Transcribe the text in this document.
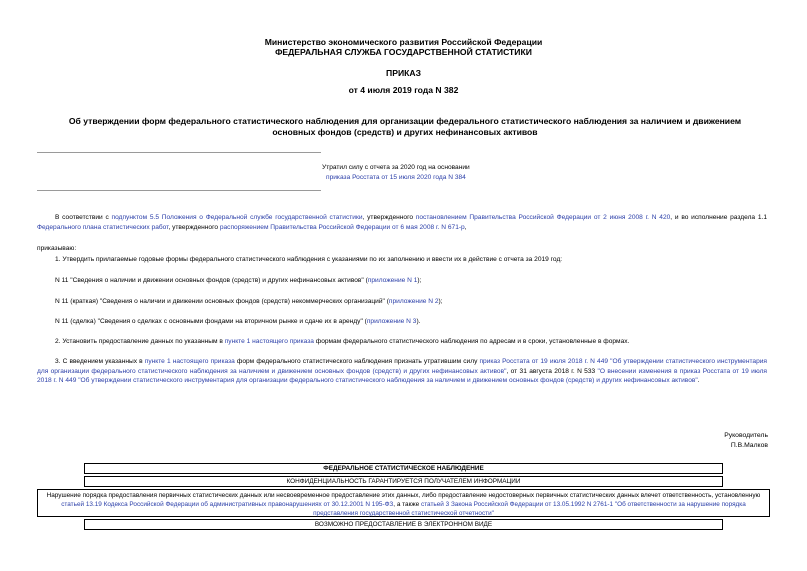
Министерство экономического развития Российской Федерации
ФЕДЕРАЛЬНАЯ СЛУЖБА ГОСУДАРСТВЕННОЙ СТАТИСТИКИ
ПРИКАЗ
от 4 июля 2019 года N 382
Об утверждении форм федерального статистического наблюдения для организации федерального статистического наблюдения за наличием и движением основных фондов (средств) и других нефинансовых активов
Утратил силу с отчета за 2020 год на основании
приказа Росстата от 15 июля 2020 года N 384
В соответствии с подпунктом 5.5 Положения о Федеральной службе государственной статистики, утвержденного постановлением Правительства Российской Федерации от 2 июня 2008 г. N 420, и во исполнение раздела 1.1 Федерального плана статистических работ, утвержденного распоряжением Правительства Российской Федерации от 6 мая 2008 г. N 671-р,
приказываю:
1. Утвердить прилагаемые годовые формы федерального статистического наблюдения с указаниями по их заполнению и ввести их в действие с отчета за 2019 год:
N 11 "Сведения о наличии и движении основных фондов (средств) и других нефинансовых активов" (приложение N 1);
N 11 (краткая) "Сведения о наличии и движении основных фондов (средств) некоммерческих организаций" (приложение N 2);
N 11 (сделка) "Сведения о сделках с основными фондами на вторичном рынке и сдаче их в аренду" (приложение N 3).
2. Установить предоставление данных по указанным в пункте 1 настоящего приказа формам федерального статистического наблюдения по адресам и в сроки, установленные в формах.
3. С введением указанных в пункте 1 настоящего приказа форм федерального статистического наблюдения признать утратившим силу приказ Росстата от 19 июля 2018 г. N 449 "Об утверждении статистического инструментария для организации федерального статистического наблюдения за наличием и движением основных фондов (средств) и других нефинансовых активов", от 31 августа 2018 г. N 533 "О внесении изменения в приказ Росстата от 19 июля 2018 г. N 449 "Об утверждении статистического инструментария для организации федерального статистического наблюдения за наличием и движением основных фондов (средств) и других нефинансовых активов".
Руководитель
П.В.Малков
ФЕДЕРАЛЬНОЕ СТАТИСТИЧЕСКОЕ НАБЛЮДЕНИЕ
КОНФИДЕНЦИАЛЬНОСТЬ ГАРАНТИРУЕТСЯ ПОЛУЧАТЕЛЕМ ИНФОРМАЦИИ
Нарушение порядка предоставления первичных статистических данных или несвоевременное предоставление этих данных, либо предоставление недостоверных первичных статистических данных влечет ответственность, установленную статьей 13.19 Кодекса Российской Федерации об административных правонарушениях от 30.12.2001 N 195-ФЗ, а также статьей 3 Закона Российской Федерации от 13.05.1992 N 2761-1 "Об ответственности за нарушение порядка представления государственной статистической отчетности"
ВОЗМОЖНО ПРЕДОСТАВЛЕНИЕ В ЭЛЕКТРОННОМ ВИДЕ
